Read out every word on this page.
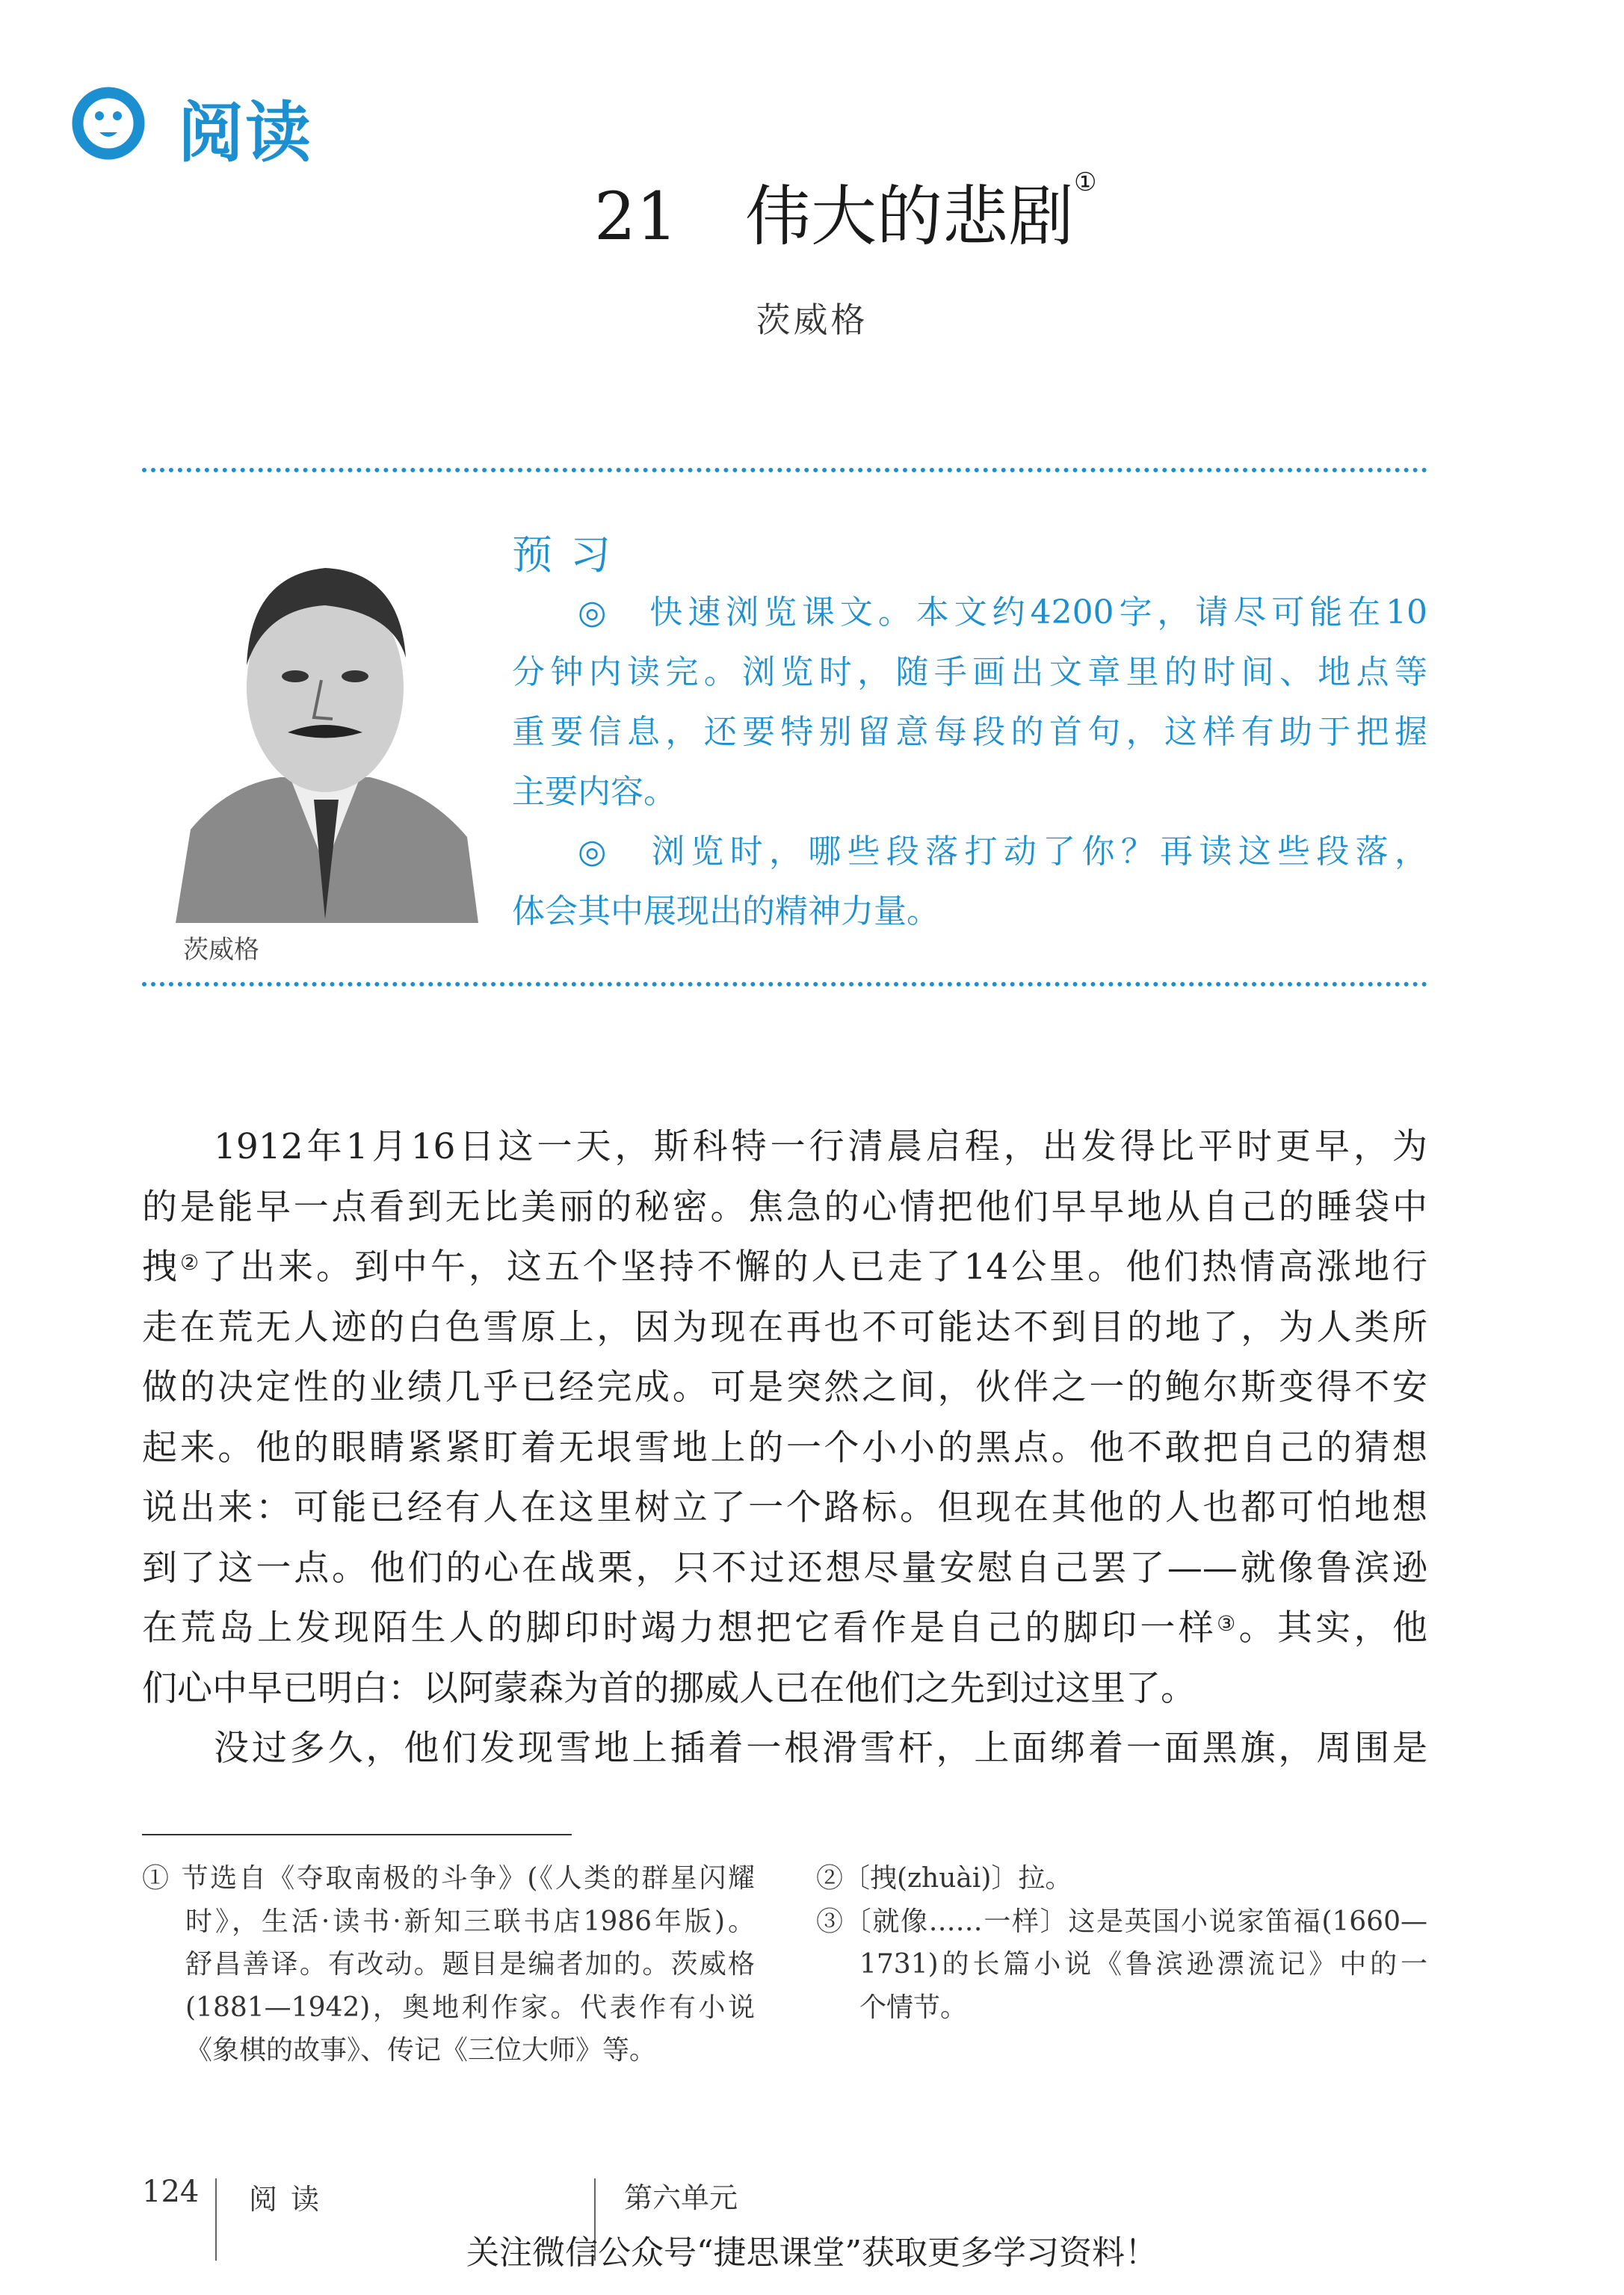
阅读
21 伟大的悲剧①
茨威格
茨威格
预习
◎　快速浏览课文。本文约4200字，请尽可能在10
分钟内读完。浏览时，随手画出文章里的时间、地点等
重要信息，还要特别留意每段的首句，这样有助于把握
主要内容。
◎　浏览时，哪些段落打动了你？再读这些段落，
体会其中展现出的精神力量。
1912年1月16日这一天，斯科特一行清晨启程，出发得比平时更早，为
的是能早一点看到无比美丽的秘密。焦急的心情把他们早早地从自己的睡袋中
拽②了出来。到中午，这五个坚持不懈的人已走了14公里。他们热情高涨地行
走在荒无人迹的白色雪原上，因为现在再也不可能达不到目的地了，为人类所
做的决定性的业绩几乎已经完成。可是突然之间，伙伴之一的鲍尔斯变得不安
起来。他的眼睛紧紧盯着无垠雪地上的一个小小的黑点。他不敢把自己的猜想
说出来：可能已经有人在这里树立了一个路标。但现在其他的人也都可怕地想
到了这一点。他们的心在战栗，只不过还想尽量安慰自己罢了——就像鲁滨逊
在荒岛上发现陌生人的脚印时竭力想把它看作是自己的脚印一样③。其实，他
们心中早已明白：以阿蒙森为首的挪威人已在他们之先到过这里了。
没过多久，他们发现雪地上插着一根滑雪杆，上面绑着一面黑旗，周围是
① 节选自《夺取南极的斗争》(《人类的群星闪耀
时》，生活·读书·新知三联书店1986年版)。
舒昌善译。有改动。题目是编者加的。茨威格
(1881—1942)，奥地利作家。代表作有小说
《象棋的故事》、传记《三位大师》等。
②〔拽(zhuài)〕拉。
③〔就像……一样〕这是英国小说家笛福(1660—
1731)的长篇小说《鲁滨逊漂流记》中的一
个情节。
124 阅读	第六单元
关注微信公众号“捷思课堂”获取更多学习资料！
